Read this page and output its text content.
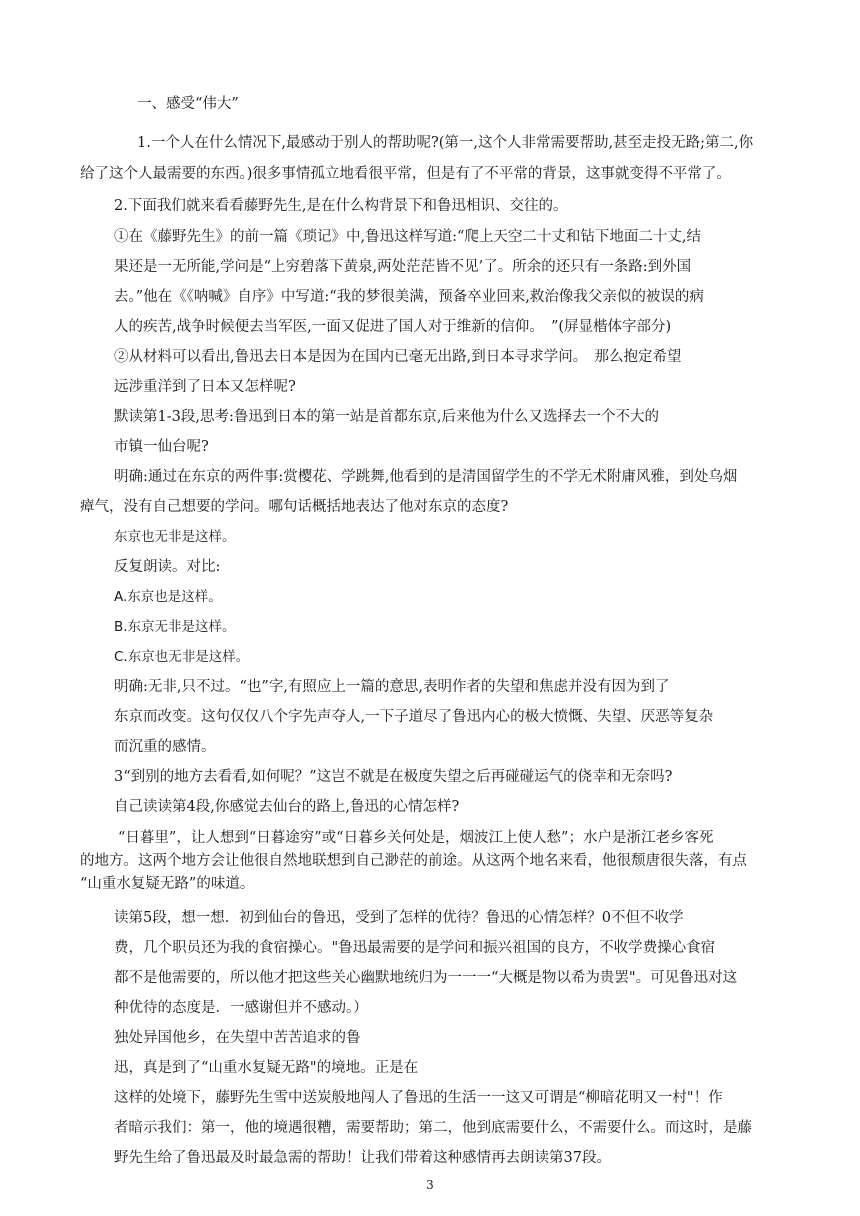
一、感受“伟大”
1.一个人在什么情况下,最感动于别人的帮助呢?(第一,这个人非常需要帮助,甚至走投无路;第二,你
给了这个人最需要的东西。)很多事情孤立地看很平常，但是有了不平常的背景，这事就变得不平常了。
2.下面我们就来看看藤野先生,是在什么构背景下和鲁迅相识、交往的。
①在《藤野先生》的前一篇《琐记》中,鲁迅这样写道:“爬上天空二十丈和钻下地面二十丈,结
果还是一无所能,学问是“上穷碧落下黄泉,两处茫茫皆不见’了。所余的还只有一条路:到外国
去。”他在《《呐喊》自序》中写道:“我的梦很美满，预备卒业回来,救治像我父亲似的被误的病
人的疾苦,战争时候便去当军医,一面又促进了国人对于维新的信仰。　”(屏显楷体字部分)
②从材料可以看出,鲁迅去日本是因为在国内已毫无出路,到日本寻求学问。　那么抱定希望
远涉重洋到了日本又怎样呢?
默读第1-3段,思考:鲁迅到日本的第一站是首都东京,后来他为什么又选择去一个不大的
市镇一仙台呢?
明确:通过在东京的两件事:赏樱花、学跳舞,他看到的是清国留学生的不学无术附庸风雅，到处乌烟
瘴气，没有自己想要的学问。哪句话概括地表达了他对东京的态度?
东京也无非是这样。
反复朗读。对比:
A.东京也是这样。
B.东京无非是这样。
C.东京也无非是这样。
明确:无非,只不过。“也”字,有照应上一篇的意思,表明作者的失望和焦虑并没有因为到了
东京而改变。这句仅仅八个字先声夺人,一下子道尽了鲁迅内心的极大愤慨、失望、厌恶等复杂
而沉重的感情。
3“到别的地方去看看,如何呢？”这岂不就是在极度失望之后再碰碰运气的侥幸和无奈吗?
自己读读第4段,你感觉去仙台的路上,鲁迅的心情怎样?
“日暮里”，让人想到“日暮途穷”或“日暮乡关何处是，烟波江上使人愁”；水户是浙江老乡客死
的地方。这两个地方会让他很自然地联想到自己渺茫的前途。从这两个地名来看，他很颓唐很失落，有点
“山重水复疑无路”的味道。
读第5段，想一想．初到仙台的鲁迅，受到了怎样的优待？鲁迅的心情怎样？0不但不收学
费，几个职员还为我的食宿操心。"鲁迅最需要的是学问和振兴祖国的良方，不收学费操心食宿
都不是他需要的，所以他才把这些关心幽默地统归为一一一“大概是物以希为贵罢"。可见鲁迅对这
种优待的态度是．一感谢但并不感动。）
独处异国他乡，在失望中苦苦追求的鲁
迅，真是到了“山重水复疑无路"的境地。正是在
这样的处境下，藤野先生雪中送炭般地闯人了鲁迅的生活一一这又可谓是“柳暗花明又一村"！作
者暗示我们：第一，他的境遇很糟，需要帮助；第二，他到底需要什么，不需要什么。而这时，是藤
野先生给了鲁迅最及时最急需的帮助！让我们带着这种感情再去朗读第37段。
3
